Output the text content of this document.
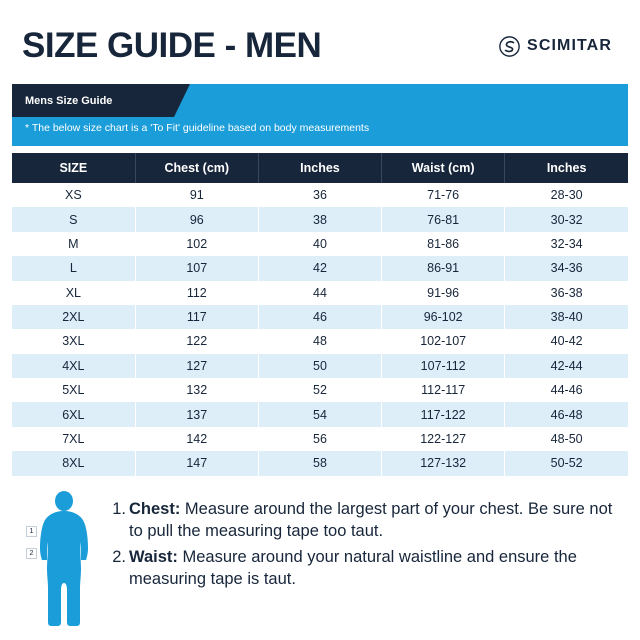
SIZE GUIDE - MEN	SCIMITAR
Mens Size Guide
* The below size chart is a 'To Fit' guideline based on body measurements
SIZE	Chest (cm)	Inches	Waist (cm)	Inches
XS	91	36	71-76	28-30
S	96	38	76-81	30-32
M	102	40	81-86	32-34
L	107	42	86-91	34-36
XL	112	44	91-96	36-38
2XL	117	46	96-102	38-40
3XL	122	48	102-107	40-42
4XL	127	50	107-112	42-44
5XL	132	52	112-117	44-46
6XL	137	54	117-122	46-48
7XL	142	56	122-127	48-50
8XL	147	58	127-132	50-52
1
2
1. Chest: Measure around the largest part of your chest. Be sure not to pull the measuring tape too taut.
2. Waist: Measure around your natural waistline and ensure the measuring tape is taut.
